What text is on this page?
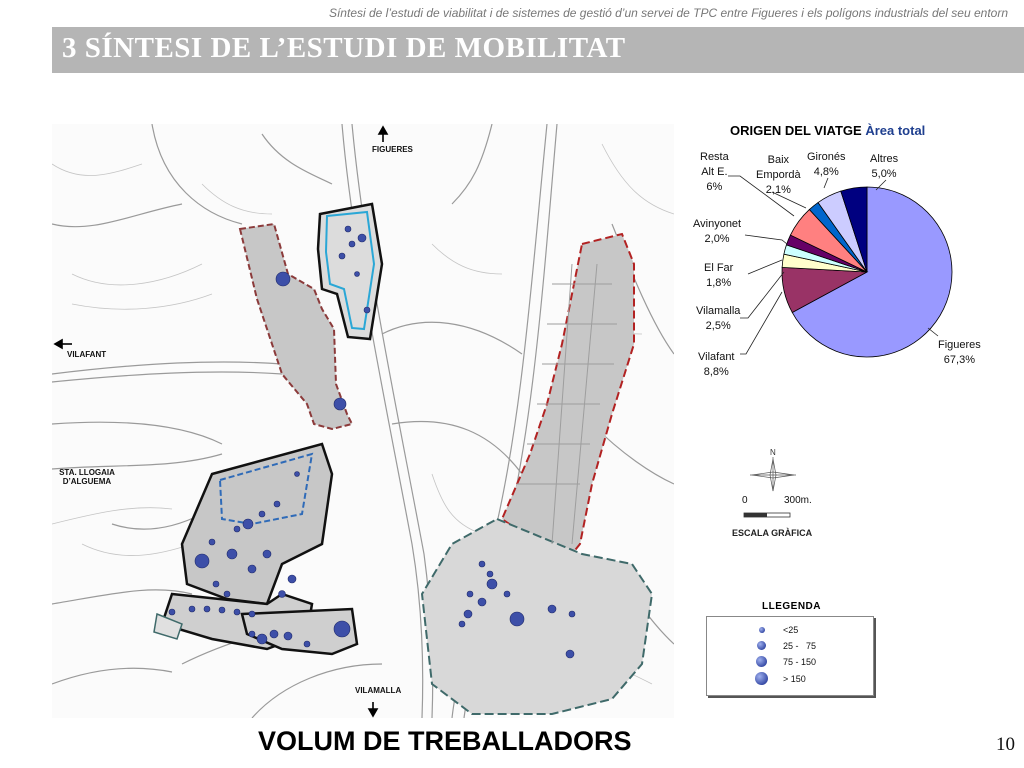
Síntesi de l’estudi de viabilitat i de sistemes de gestió d’un servei de TPC entre Figueres i els polígons industrials del seu entorn
3 SÍNTESI DE L’ESTUDI DE MOBILITAT
FIGUERES
VILAFANT
STA. LLOGAIA
D’ALGUEMA
VILAMALLA
ORIGEN DEL VIATGE Àrea total
Resta
Alt E.
6%
Baix
Empordà
2,1%
Gironés
4,8%
Altres
5,0%
Avinyonet
2,0%
El Far
1,8%
Vilamalla
2,5%
Vilafant
8,8%
Figueres
67,3%
N
0	300m.
ESCALA GRÀFICA
LLEGENDA
<25
25 -   75
75 - 150
> 150
VOLUM DE TREBALLADORS	10
